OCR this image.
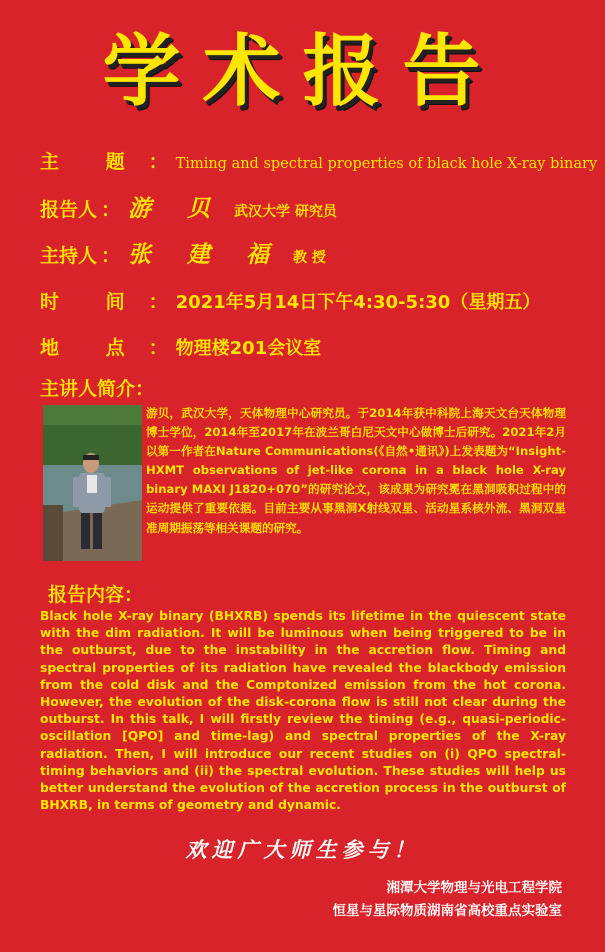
学术报告
主 题 ： Timing and spectral properties of black hole X-ray binary
报告人 ： 游 贝 武汉大学 研究员
主持人 ： 张 建 福 教 授
时 间 ： 2021年5月14日下午4:30-5:30（星期五）
地 点 ： 物理楼201会议室
主讲人简介：
游贝，武汉大学，天体物理中心研究员。于2014年获中科院上海天文台天体物理博士学位，2014年至2017年在波兰哥白尼天文中心做博士后研究。2021年2月以第一作者在Nature Communications(《自然•通讯》)上发表题为“Insight-HXMT observations of jet-like corona in a black hole X-ray binary MAXI J1820+070”的研究论文，该成果为研究冕在黑洞吸积过程中的运动提供了重要依据。目前主要从事黑洞X射线双星、活动星系核外流、黑洞双星准周期振荡等相关课题的研究。
报告内容：
Black hole X-ray binary (BHXRB) spends its lifetime in the quiescent state with the dim radiation. It will be luminous when being triggered to be in the outburst, due to the instability in the accretion flow. Timing and spectral properties of its radiation have revealed the blackbody emission from the cold disk and the Comptonized emission from the hot corona. However, the evolution of the disk-corona flow is still not clear during the outburst. In this talk, I will firstly review the timing (e.g., quasi-periodic-oscillation [QPO] and time-lag) and spectral properties of the X-ray radiation. Then, I will introduce our recent studies on (i) QPO spectral-timing behaviors and (ii) the spectral evolution. These studies will help us better understand the evolution of the accretion process in the outburst of BHXRB, in terms of geometry and dynamic.
欢迎广大师生参与！
湘潭大学物理与光电工程学院
恒星与星际物质湖南省高校重点实验室
